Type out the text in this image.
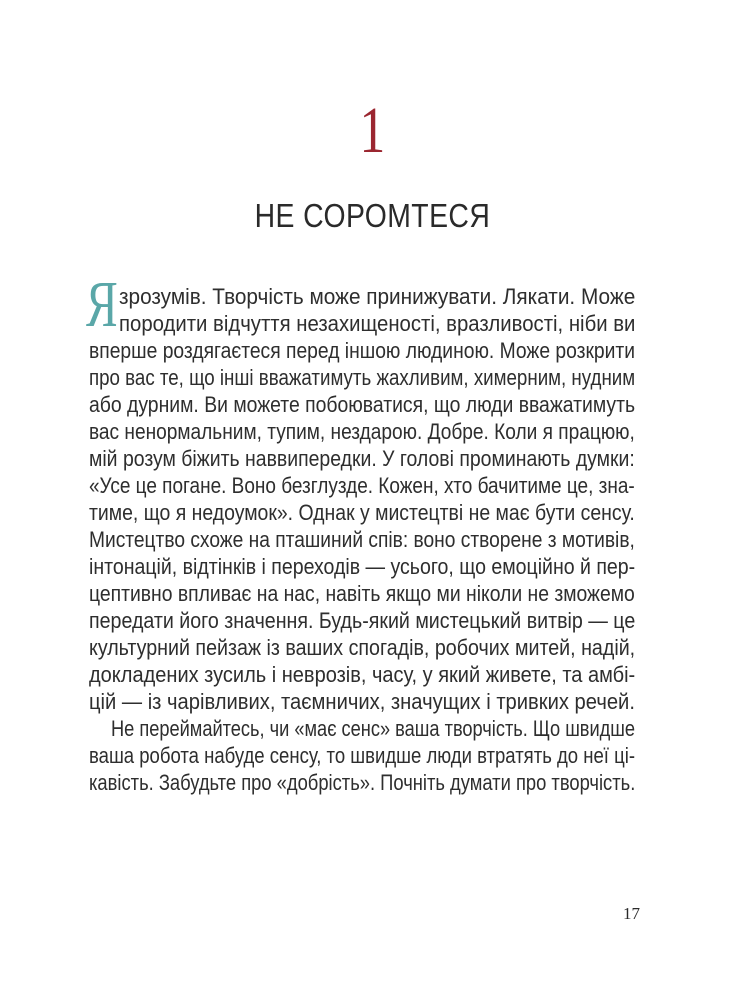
1
НЕ СОРОМТЕСЯ
Я зрозумів. Творчість може принижувати. Лякати. Може
породити відчуття незахищеності, вразливості, ніби ви
вперше роздягаєтеся перед іншою людиною. Може розкрити
про вас те, що інші вважатимуть жахливим, химерним, нудним
або дурним. Ви можете побоюватися, що люди вважатимуть
вас ненормальним, тупим, нездарою. Добре. Коли я працюю,
мій розум біжить наввипередки. У голові проминають думки:
«Усе це погане. Воно безглузде. Кожен, хто бачитиме це, зна-
тиме, що я недоумок». Однак у мистецтві не має бути сенсу.
Мистецтво схоже на пташиний спів: воно створене з мотивів,
інтонацій, відтінків і переходів — усього, що емоційно й пер-
цептивно впливає на нас, навіть якщо ми ніколи не зможемо
передати його значення. Будь-який мистецький витвір — це
культурний пейзаж із ваших спогадів, робочих митей, надій,
докладених зусиль і неврозів, часу, у який живете, та амбі-
цій — із чарівливих, таємничих, значущих і тривких речей.
Не переймайтесь, чи «має сенс» ваша творчість. Що швидше
ваша робота набуде сенсу, то швидше люди втратять до неї ці-
кавість. Забудьте про «добрість». Почніть думати про творчість.
17
